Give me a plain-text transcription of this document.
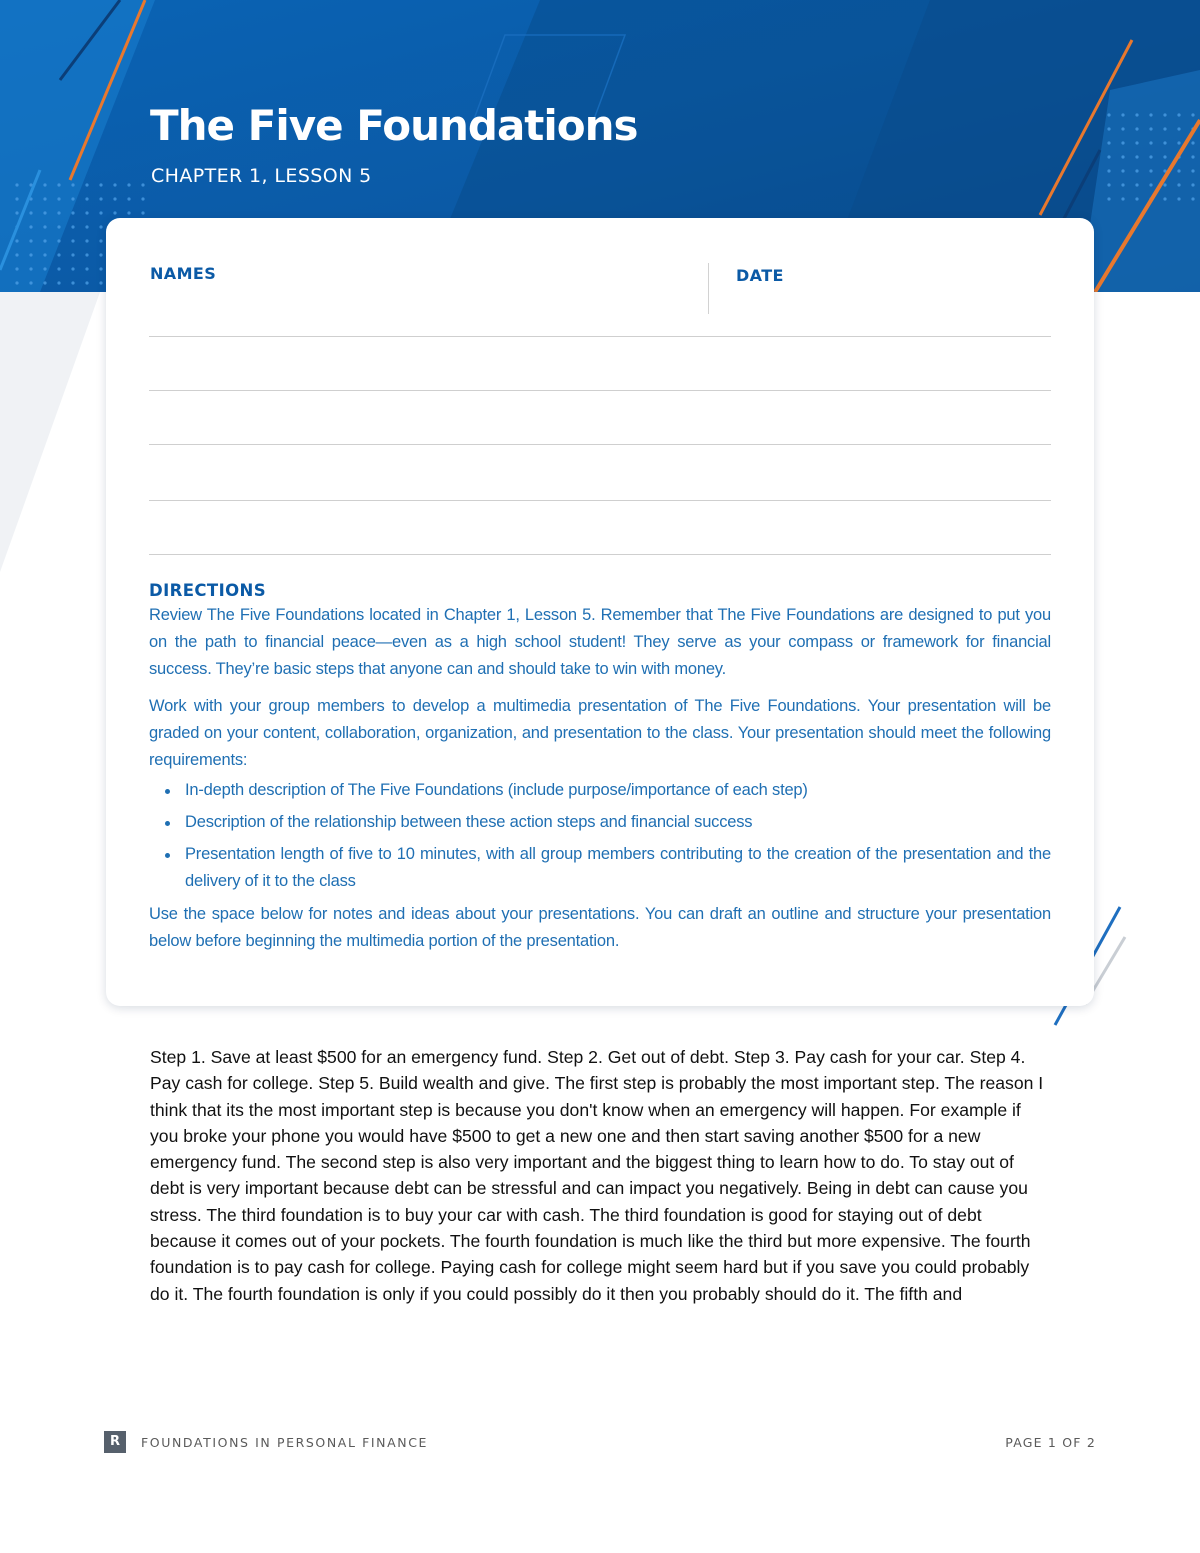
The Five Foundations
CHAPTER 1, LESSON 5
NAMES	DATE
DIRECTIONS

Review The Five Foundations located in Chapter 1, Lesson 5. Remember that The Five Foundations are designed to put you on the path to financial peace—even as a high school student! They serve as your compass or framework for financial success. They’re basic steps that anyone can and should take to win with money.

Work with your group members to develop a multimedia presentation of The Five Foundations. Your presentation will be graded on your content, collaboration, organization, and presentation to the class. Your presentation should meet the following requirements:

In-depth description of The Five Foundations (include purpose/importance of each step)
Description of the relationship between these action steps and financial success
Presentation length of five to 10 minutes, with all group members contributing to the creation of the presentation and the delivery of it to the class

Use the space below for notes and ideas about your presentations. You can draft an outline and structure your presentation below before beginning the multimedia portion of the presentation.

Step 1. Save at least $500 for an emergency fund. Step 2. Get out of debt. Step 3. Pay cash for your car. Step 4. Pay cash for college. Step 5. Build wealth and give. The first step is probably the most important step. The reason I think that its the most important step is because you don't know when an emergency will happen. For example if you broke your phone you would have $500 to get a new one and then start saving another $500 for a new emergency fund. The second step is also very important and the biggest thing to learn how to do. To stay out of debt is very important because debt can be stressful and can impact you negatively. Being in debt can cause you stress. The third foundation is to buy your car with cash. The third foundation is good for staying out of debt because it comes out of your pockets. The fourth foundation is much like the third but more expensive. The fourth foundation is to pay cash for college. Paying cash for college might seem hard but if you save you could probably do it. The fourth foundation is only if you could possibly do it then you probably should do it. The fifth and

R	FOUNDATIONS IN PERSONAL FINANCE	PAGE 1 OF 2
